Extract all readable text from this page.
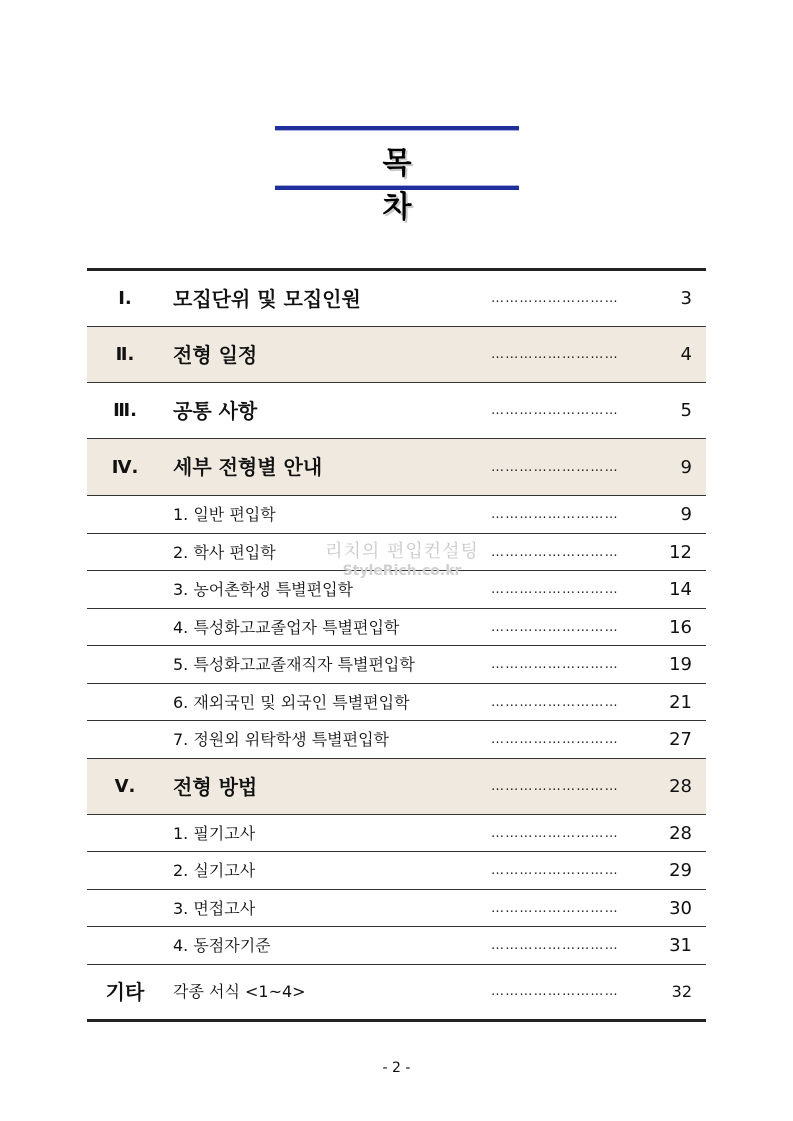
목 차
Ⅰ.	모집단위 및 모집인원	………………………	3
Ⅱ.	전형 일정	………………………	4
Ⅲ.	공통 사항	………………………	5
Ⅳ.	세부 전형별 안내	………………………	9
1. 일반 편입학	………………………	9
2. 학사 편입학	………………………	12
3. 농어촌학생 특별편입학	………………………	14
4. 특성화고교졸업자 특별편입학	………………………	16
5. 특성화고교졸재직자 특별편입학	………………………	19
6. 재외국민 및 외국인 특별편입학	………………………	21
7. 정원외 위탁학생 특별편입학	………………………	27
Ⅴ.	전형 방법	………………………	28
1. 필기고사	………………………	28
2. 실기고사	………………………	29
3. 면접고사	………………………	30
4. 동점자기준	………………………	31
기타	각종 서식 <1~4>	………………………	32
리치의 편입컨설팅
StyleRich.co.kr
- 2 -
